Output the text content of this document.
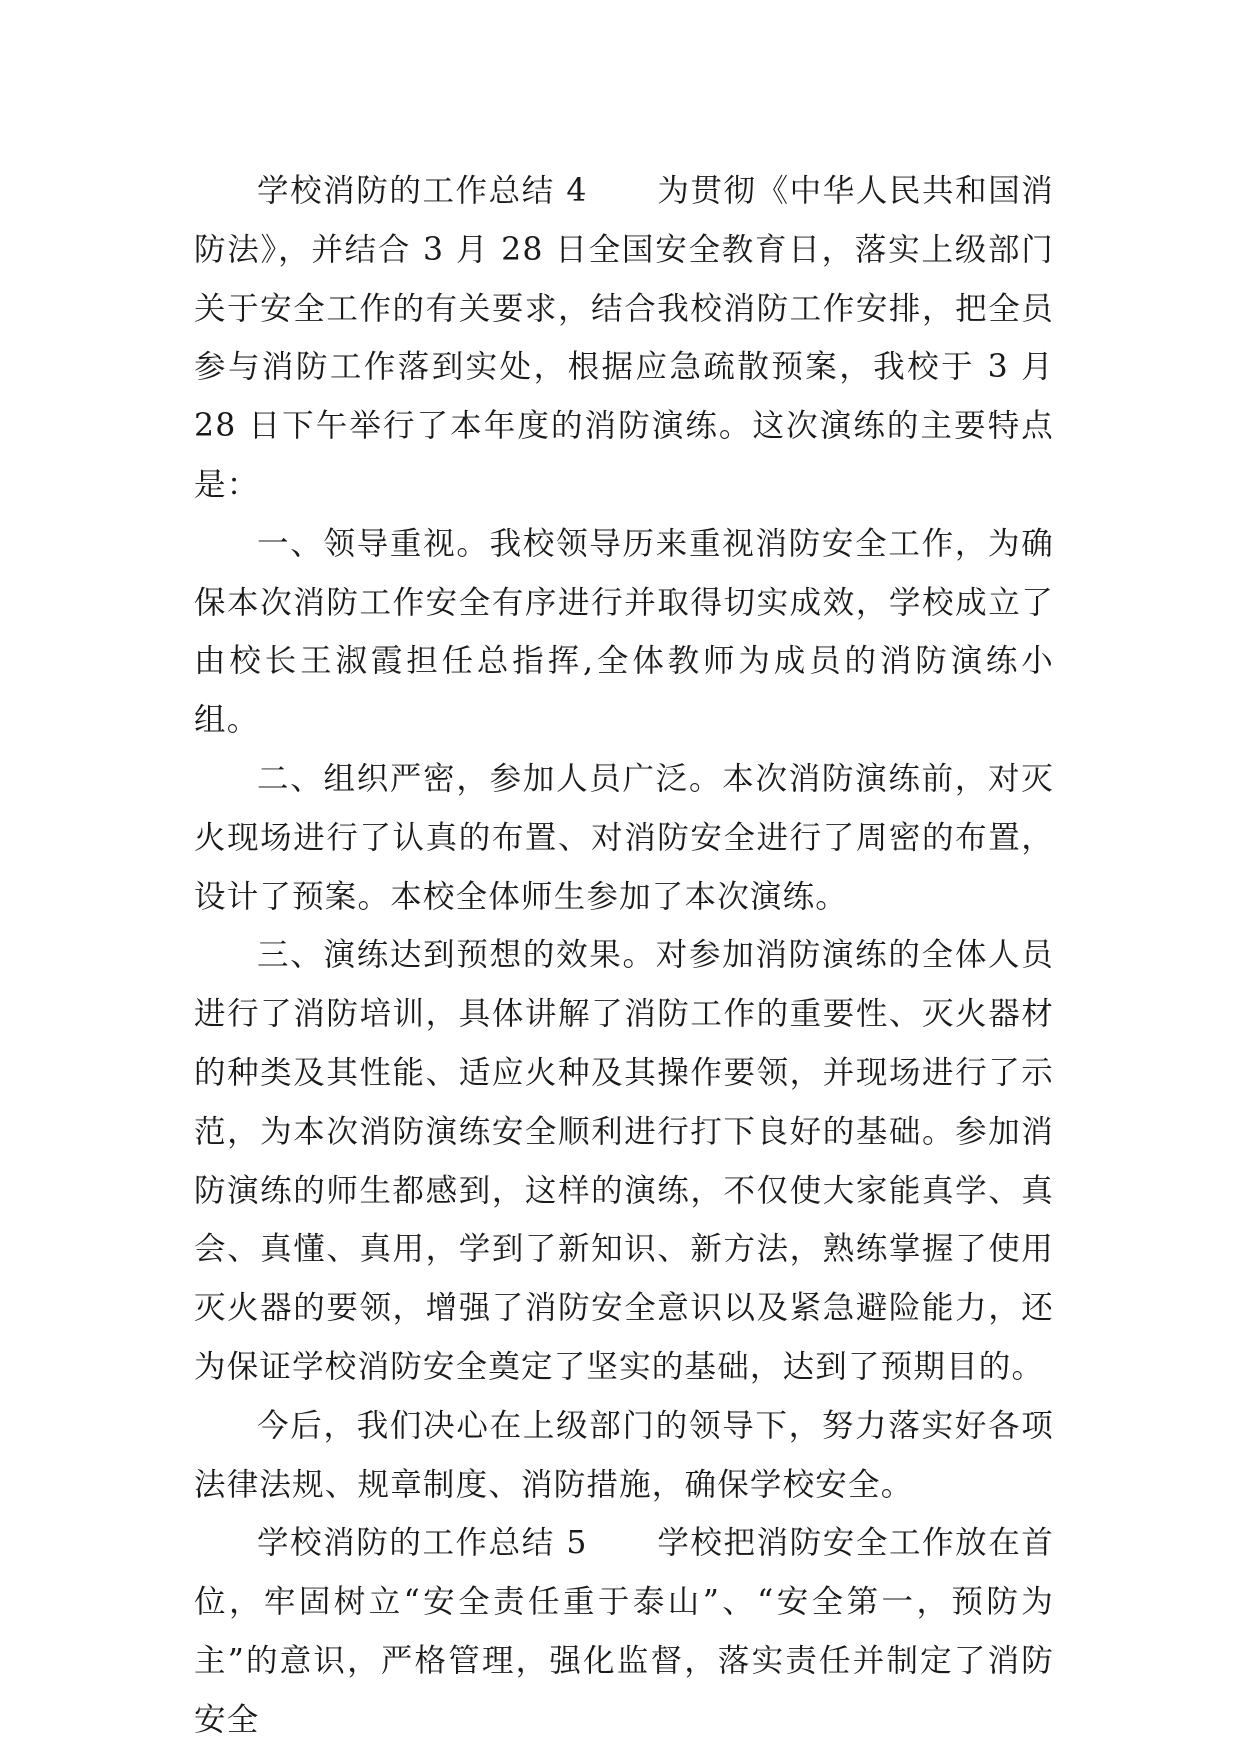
学校消防的工作总结 4 为贯彻《中华人民共和国消防法》，并结合 3 月 28 日全国安全教育日，落实上级部门关于安全工作的有关要求，结合我校消防工作安排，把全员参与消防工作落到实处，根据应急疏散预案，我校于 3 月 28 日下午举行了本年度的消防演练。这次演练的主要特点是：

一、领导重视。我校领导历来重视消防安全工作，为确保本次消防工作安全有序进行并取得切实成效，学校成立了由校长王淑霞担任总指挥,全体教师为成员的消防演练小组。

二、组织严密，参加人员广泛。本次消防演练前，对灭火现场进行了认真的布置、对消防安全进行了周密的布置，设计了预案。本校全体师生参加了本次演练。

三、演练达到预想的效果。对参加消防演练的全体人员进行了消防培训，具体讲解了消防工作的重要性、灭火器材的种类及其性能、适应火种及其操作要领，并现场进行了示范，为本次消防演练安全顺利进行打下良好的基础。参加消防演练的师生都感到，这样的演练，不仅使大家能真学、真会、真懂、真用，学到了新知识、新方法，熟练掌握了使用灭火器的要领，增强了消防安全意识以及紧急避险能力，还为保证学校消防安全奠定了坚实的基础，达到了预期目的。

今后，我们决心在上级部门的领导下，努力落实好各项法律法规、规章制度、消防措施，确保学校安全。

学校消防的工作总结 5 学校把消防安全工作放在首位，牢固树立“安全责任重于泰山”、“安全第一，预防为主”的意识，严格管理，强化监督，落实责任并制定了消防安全
